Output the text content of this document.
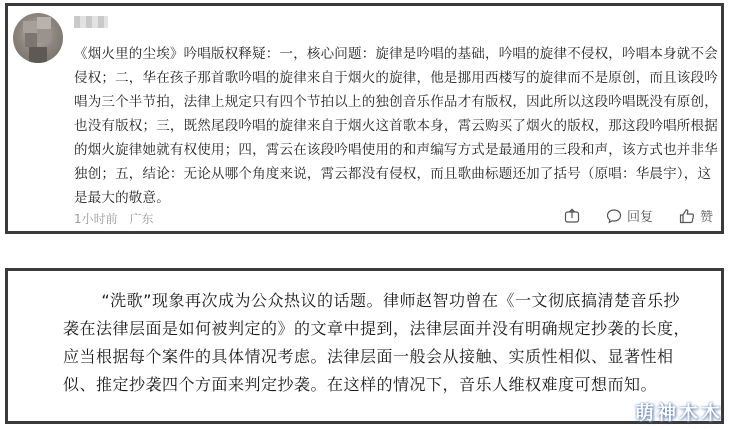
《烟火里的尘埃》吟唱版权释疑：一，核心问题：旋律是吟唱的基础，吟唱的旋律不侵权，吟唱本身就不会侵权；二，华在孩子那首歌吟唱的旋律来自于烟火的旋律，他是挪用西楼写的旋律而不是原创，而且该段吟唱为三个半节拍，法律上规定只有四个节拍以上的独创音乐作品才有版权，因此所以这段吟唱既没有原创，也没有版权；三，既然尾段吟唱的旋律来自于烟火这首歌本身，霄云购买了烟火的版权，那这段吟唱所根据的烟火旋律她就有权使用；四，霄云在该段吟唱使用的和声编写方式是最通用的三段和声，该方式也并非华独创；五，结论：无论从哪个角度来说，霄云都没有侵权，而且歌曲标题还加了括号（原唱：华晨宇），这是最大的敬意。
1小时前 广东	回复	赞
“洗歌”现象再次成为公众热议的话题。律师赵智功曾在《一文彻底搞清楚音乐抄袭在法律层面是如何被判定的》的文章中提到，法律层面并没有明确规定抄袭的长度，应当根据每个案件的具体情况考虑。法律层面一般会从接触、实质性相似、显著性相似、推定抄袭四个方面来判定抄袭。在这样的情况下，音乐人维权难度可想而知。
萌神木木
